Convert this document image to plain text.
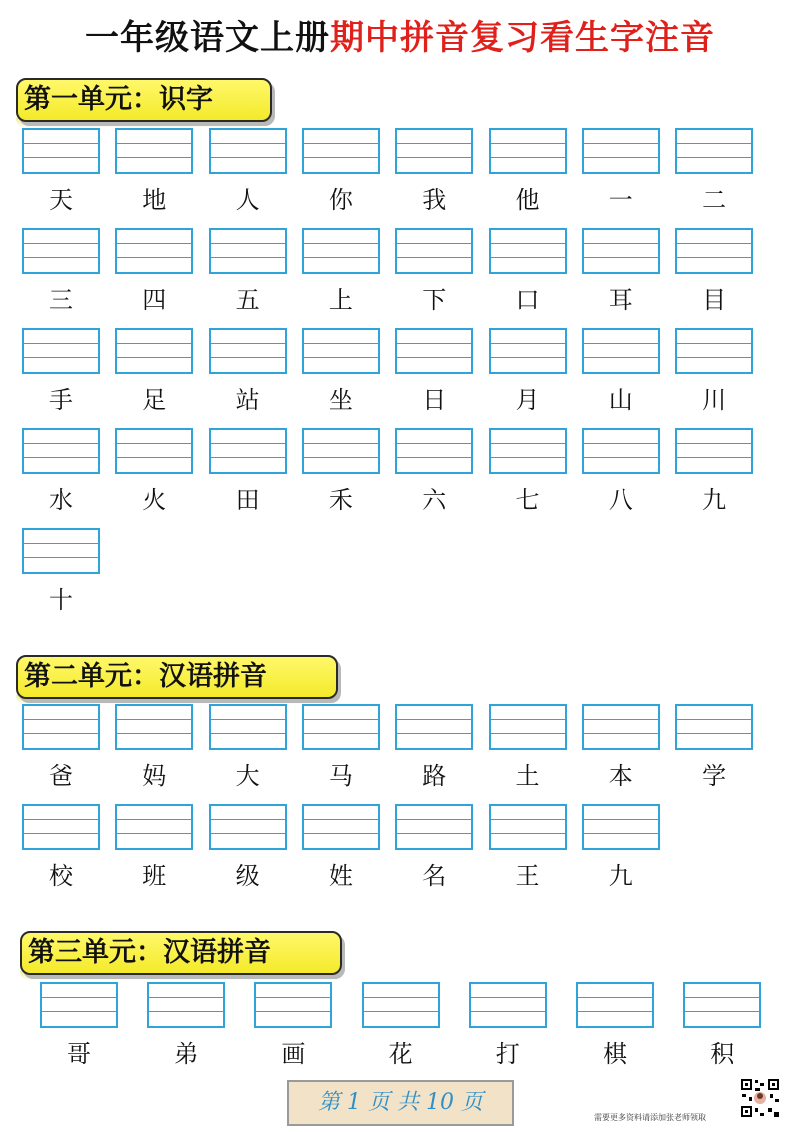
一年级语文上册期中拼音复习看生字注音
第一单元：识字
天	地	人	你	我	他	一	二
三	四	五	上	下	口	耳	目
手	足	站	坐	日	月	山	川
水	火	田	禾	六	七	八	九
十
第二单元：汉语拼音
爸	妈	大	马	路	土	本	学
校	班	级	姓	名	王	九
第三单元：汉语拼音
哥	弟	画	花	打	棋	积
第 1 页 共 10 页
需要更多资料请添加张老师领取
